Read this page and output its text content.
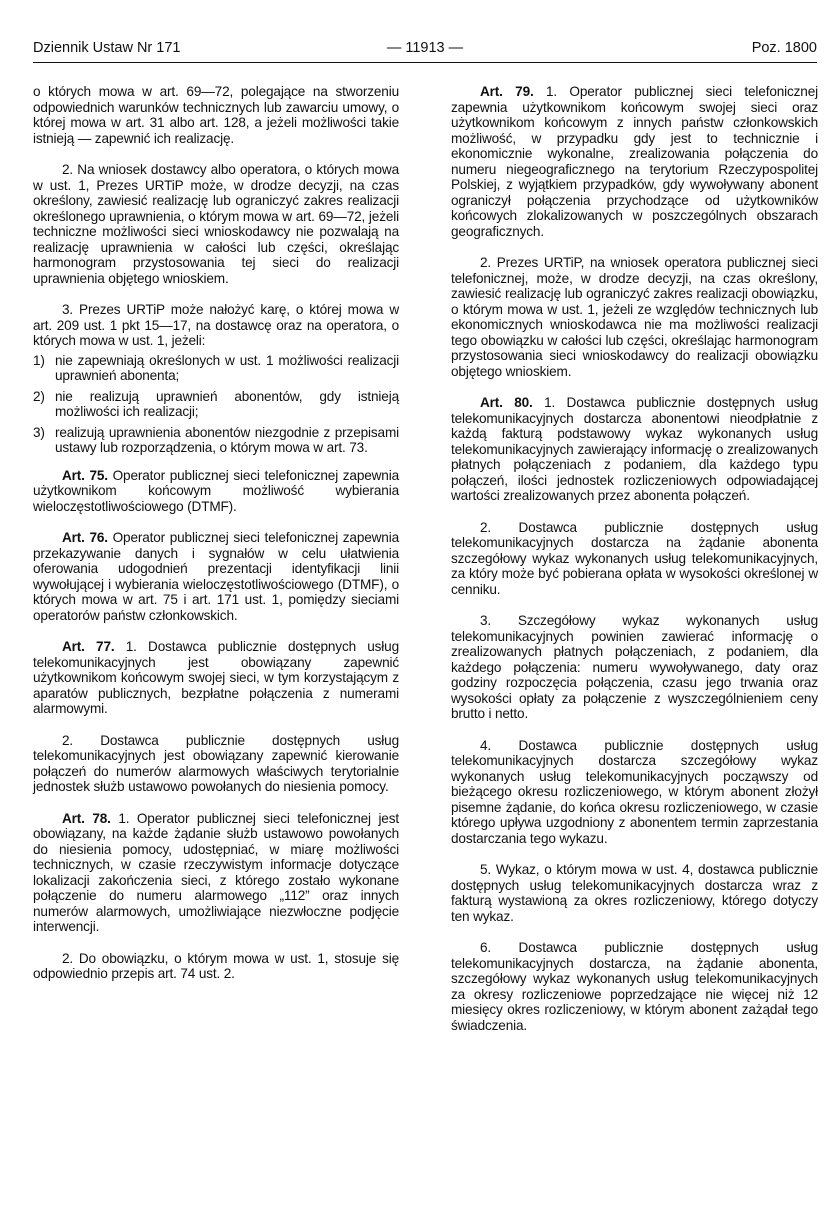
Dziennik Ustaw Nr 171	— 11913 —	Poz. 1800

o których mowa w art. 69—72, polegające na stworzeniu odpowiednich warunków technicznych lub zawarciu umowy, o której mowa w art. 31 albo art. 128, a jeżeli możliwości takie istnieją — zapewnić ich realizację.

2. Na wniosek dostawcy albo operatora, o których mowa w ust. 1, Prezes URTiP może, w drodze decyzji, na czas określony, zawiesić realizację lub ograniczyć zakres realizacji określonego uprawnienia, o którym mowa w art. 69—72, jeżeli techniczne możliwości sieci wnioskodawcy nie pozwalają na realizację uprawnienia w całości lub części, określając harmonogram przystosowania tej sieci do realizacji uprawnienia objętego wnioskiem.

3. Prezes URTiP może nałożyć karę, o której mowa w art. 209 ust. 1 pkt 15—17, na dostawcę oraz na operatora, o których mowa w ust. 1, jeżeli:

1) nie zapewniają określonych w ust. 1 możliwości realizacji uprawnień abonenta;
2) nie realizują uprawnień abonentów, gdy istnieją możliwości ich realizacji;
3) realizują uprawnienia abonentów niezgodnie z przepisami ustawy lub rozporządzenia, o którym mowa w art. 73.

Art. 75. Operator publicznej sieci telefonicznej zapewnia użytkownikom końcowym możliwość wybierania wieloczęstotliwościowego (DTMF).

Art. 76. Operator publicznej sieci telefonicznej zapewnia przekazywanie danych i sygnałów w celu ułatwienia oferowania udogodnień prezentacji identyfikacji linii wywołującej i wybierania wieloczęstotliwościowego (DTMF), o których mowa w art. 75 i art. 171 ust. 1, pomiędzy sieciami operatorów państw członkowskich.

Art. 77. 1. Dostawca publicznie dostępnych usług telekomunikacyjnych jest obowiązany zapewnić użytkownikom końcowym swojej sieci, w tym korzystającym z aparatów publicznych, bezpłatne połączenia z numerami alarmowymi.

2. Dostawca publicznie dostępnych usług telekomunikacyjnych jest obowiązany zapewnić kierowanie połączeń do numerów alarmowych właściwych terytorialnie jednostek służb ustawowo powołanych do niesienia pomocy.

Art. 78. 1. Operator publicznej sieci telefonicznej jest obowiązany, na każde żądanie służb ustawowo powołanych do niesienia pomocy, udostępniać, w miarę możliwości technicznych, w czasie rzeczywistym informacje dotyczące lokalizacji zakończenia sieci, z którego zostało wykonane połączenie do numeru alarmowego „112” oraz innych numerów alarmowych, umożliwiające niezwłoczne podjęcie interwencji.

2. Do obowiązku, o którym mowa w ust. 1, stosuje się odpowiednio przepis art. 74 ust. 2.

Art. 79. 1. Operator publicznej sieci telefonicznej zapewnia użytkownikom końcowym swojej sieci oraz użytkownikom końcowym z innych państw członkowskich możliwość, w przypadku gdy jest to technicznie i ekonomicznie wykonalne, zrealizowania połączenia do numeru niegeograficznego na terytorium Rzeczypospolitej Polskiej, z wyjątkiem przypadków, gdy wywoływany abonent ograniczył połączenia przychodzące od użytkowników końcowych zlokalizowanych w poszczególnych obszarach geograficznych.

2. Prezes URTiP, na wniosek operatora publicznej sieci telefonicznej, może, w drodze decyzji, na czas określony, zawiesić realizację lub ograniczyć zakres realizacji obowiązku, o którym mowa w ust. 1, jeżeli ze względów technicznych lub ekonomicznych wnioskodawca nie ma możliwości realizacji tego obowiązku w całości lub części, określając harmonogram przystosowania sieci wnioskodawcy do realizacji obowiązku objętego wnioskiem.

Art. 80. 1. Dostawca publicznie dostępnych usług telekomunikacyjnych dostarcza abonentowi nieodpłatnie z każdą fakturą podstawowy wykaz wykonanych usług telekomunikacyjnych zawierający informację o zrealizowanych płatnych połączeniach z podaniem, dla każdego typu połączeń, ilości jednostek rozliczeniowych odpowiadającej wartości zrealizowanych przez abonenta połączeń.

2. Dostawca publicznie dostępnych usług telekomunikacyjnych dostarcza na żądanie abonenta szczegółowy wykaz wykonanych usług telekomunikacyjnych, za który może być pobierana opłata w wysokości określonej w cenniku.

3. Szczegółowy wykaz wykonanych usług telekomunikacyjnych powinien zawierać informację o zrealizowanych płatnych połączeniach, z podaniem, dla każdego połączenia: numeru wywoływanego, daty oraz godziny rozpoczęcia połączenia, czasu jego trwania oraz wysokości opłaty za połączenie z wyszczególnieniem ceny brutto i netto.

4. Dostawca publicznie dostępnych usług telekomunikacyjnych dostarcza szczegółowy wykaz wykonanych usług telekomunikacyjnych począwszy od bieżącego okresu rozliczeniowego, w którym abonent złożył pisemne żądanie, do końca okresu rozliczeniowego, w czasie którego upływa uzgodniony z abonentem termin zaprzestania dostarczania tego wykazu.

5. Wykaz, o którym mowa w ust. 4, dostawca publicznie dostępnych usług telekomunikacyjnych dostarcza wraz z fakturą wystawioną za okres rozliczeniowy, którego dotyczy ten wykaz.

6. Dostawca publicznie dostępnych usług telekomunikacyjnych dostarcza, na żądanie abonenta, szczegółowy wykaz wykonanych usług telekomunikacyjnych za okresy rozliczeniowe poprzedzające nie więcej niż 12 miesięcy okres rozliczeniowy, w którym abonent zażądał tego świadczenia.
